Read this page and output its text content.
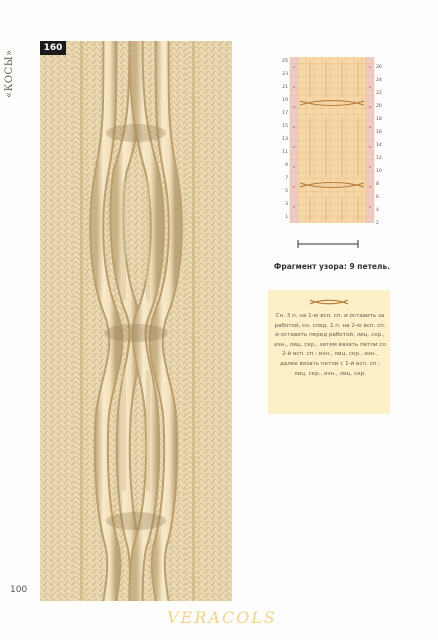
«КОСЫ»
160
100
25
23
21
19
17
15
13
11
9
7
5
3
1
26
24
22
20
18
16
14
12
10
8
6
4
2
Фрагмент узора: 9 петель.
Сн. 3 п. на 1-ю всп. сп. и оставить за работой, сн. след. 1 п. на 2-ю всп. сп. и оставить перед работой, лиц. скр., изн., лиц. скр., затем вязать петли со 2-й всп. сп.: изн., лиц. скр., изн., далее вязать петли с 1-й всп. сп.: лиц. скр., изн., лиц. скр.
VERACOLS
